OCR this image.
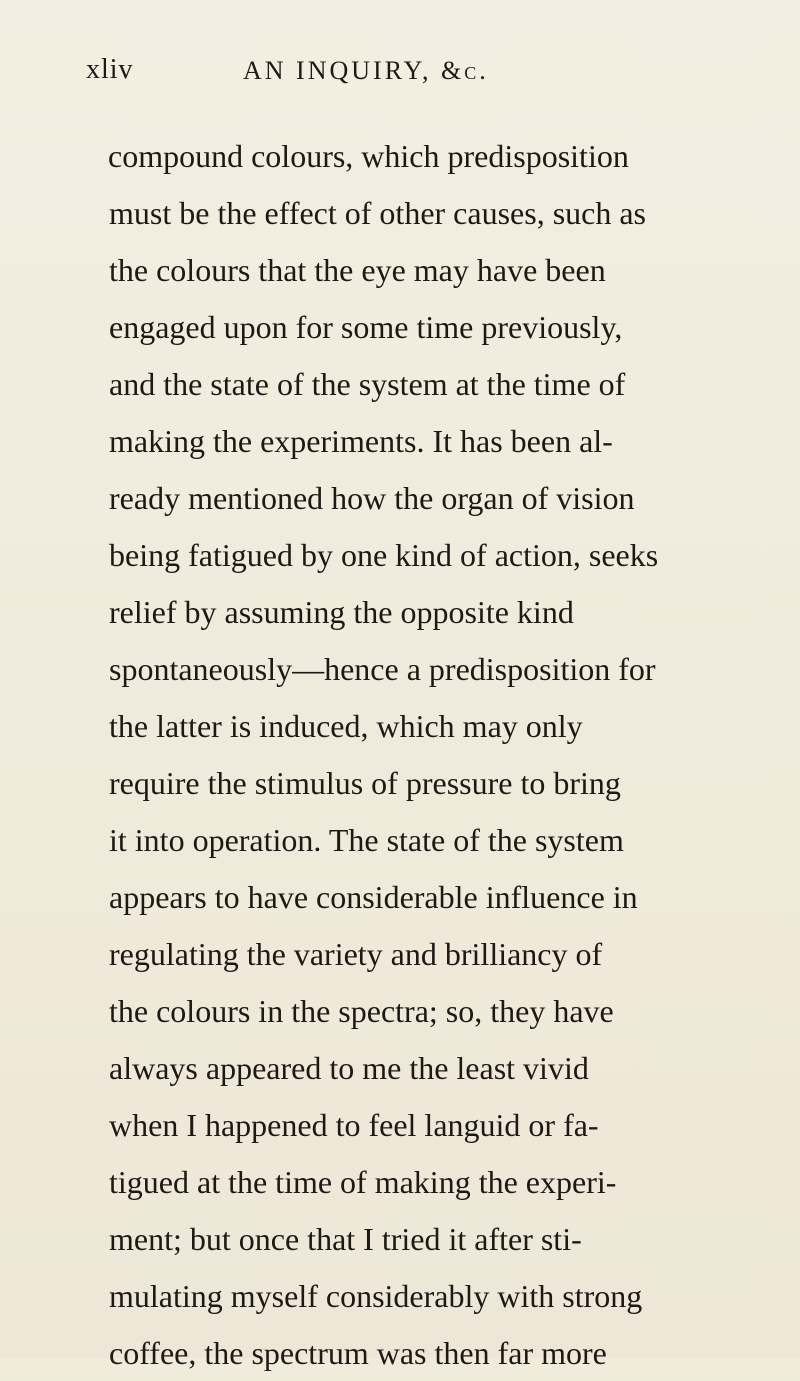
xliv	AN INQUIRY, &c.
compound colours, which predisposition
must be the effect of other causes, such as
the colours that the eye may have been
engaged upon for some time previously,
and the state of the system at the time of
making the experiments. It has been al-
ready mentioned how the organ of vision
being fatigued by one kind of action, seeks
relief by assuming the opposite kind
spontaneously—hence a predisposition for
the latter is induced, which may only
require the stimulus of pressure to bring
it into operation. The state of the system
appears to have considerable influence in
regulating the variety and brilliancy of
the colours in the spectra; so, they have
always appeared to me the least vivid
when I happened to feel languid or fa-
tigued at the time of making the experi-
ment; but once that I tried it after sti-
mulating myself considerably with strong
coffee, the spectrum was then far more
